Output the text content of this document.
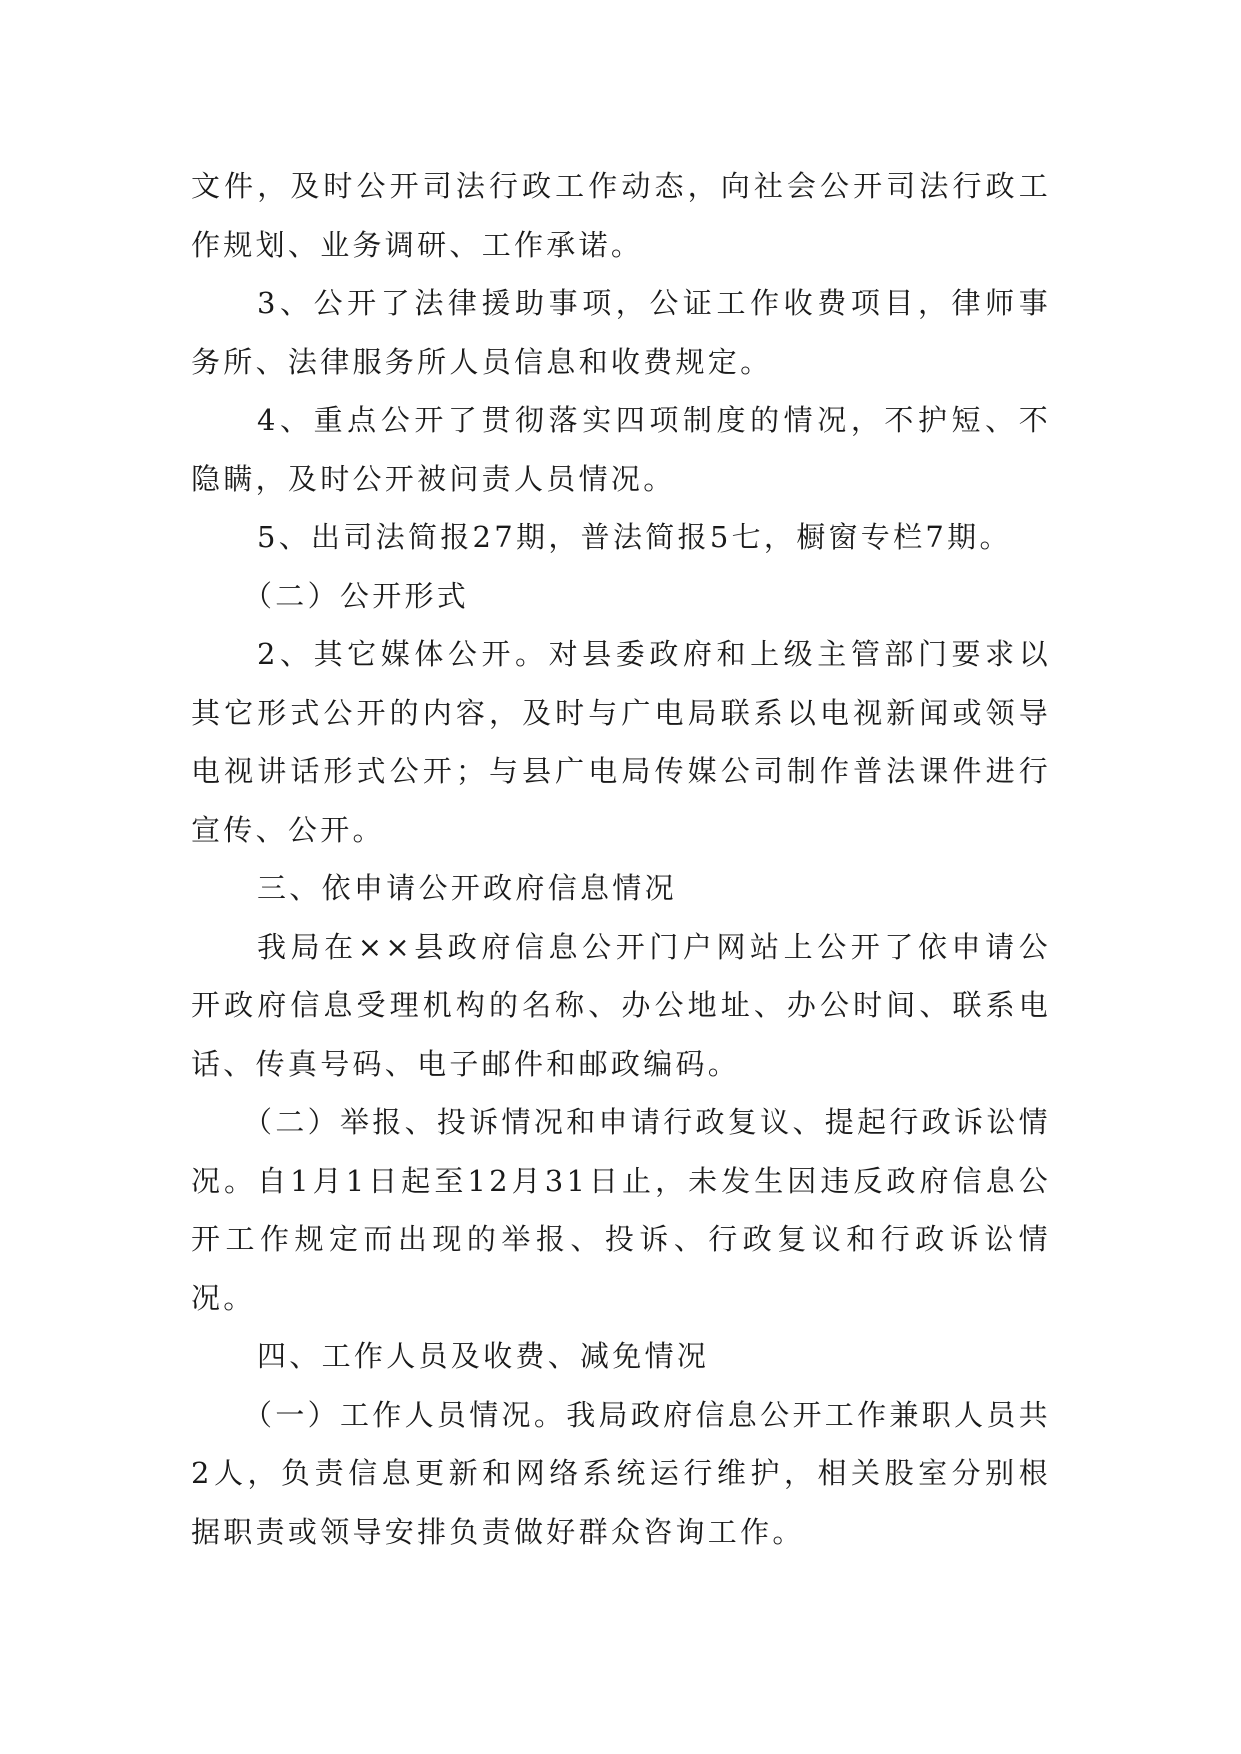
文件，及时公开司法行政工作动态，向社会公开司法行政工作规划、业务调研、工作承诺。

3、公开了法律援助事项，公证工作收费项目，律师事务所、法律服务所人员信息和收费规定。

4、重点公开了贯彻落实四项制度的情况，不护短、不隐瞒，及时公开被问责人员情况。

5、出司法简报27期，普法简报5七，橱窗专栏7期。

（二）公开形式

2、其它媒体公开。对县委政府和上级主管部门要求以其它形式公开的内容，及时与广电局联系以电视新闻或领导电视讲话形式公开；与县广电局传媒公司制作普法课件进行宣传、公开。

三、依申请公开政府信息情况

我局在××县政府信息公开门户网站上公开了依申请公开政府信息受理机构的名称、办公地址、办公时间、联系电话、传真号码、电子邮件和邮政编码。

（二）举报、投诉情况和申请行政复议、提起行政诉讼情况。自1月1日起至12月31日止，未发生因违反政府信息公开工作规定而出现的举报、投诉、行政复议和行政诉讼情况。

四、工作人员及收费、减免情况

（一）工作人员情况。我局政府信息公开工作兼职人员共2人，负责信息更新和网络系统运行维护，相关股室分别根据职责或领导安排负责做好群众咨询工作。
